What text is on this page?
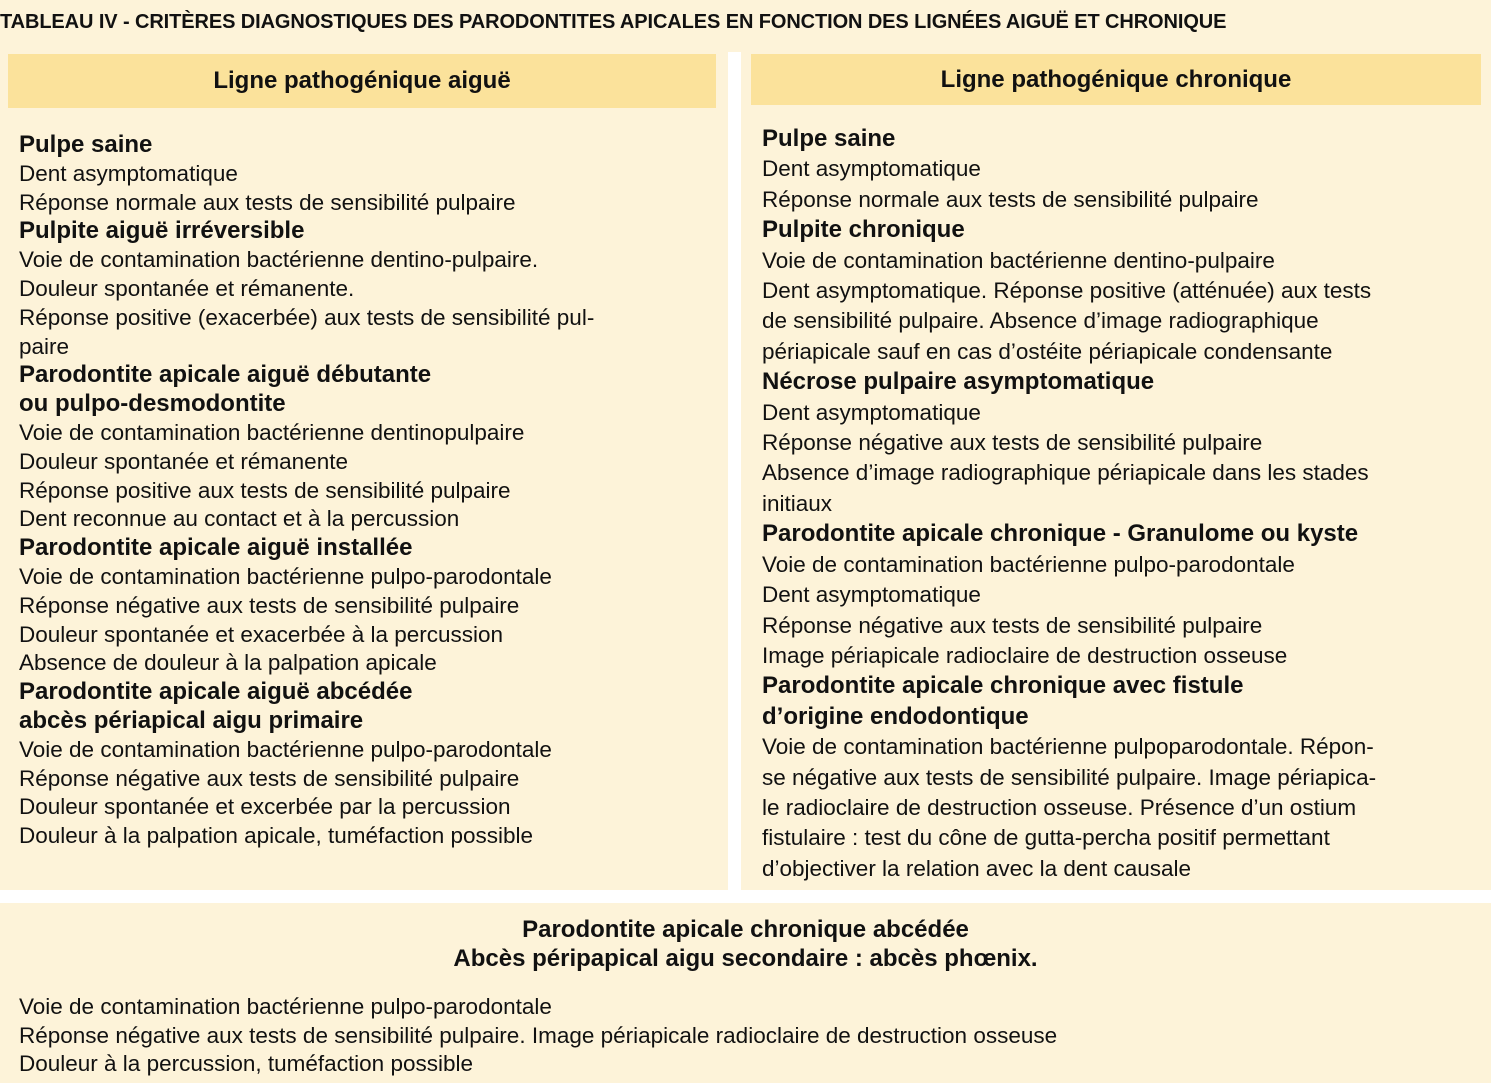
TABLEAU IV - CRITÈRES DIAGNOSTIQUES DES PARODONTITES APICALES EN FONCTION DES LIGNÉES AIGUË ET CHRONIQUE
Ligne pathogénique aiguë	Ligne pathogénique chronique
Pulpe saine
Dent asymptomatique
Réponse normale aux tests de sensibilité pulpaire
Pulpite aiguë irréversible
Voie de contamination bactérienne dentino-pulpaire.
Douleur spontanée et rémanente.
Réponse positive (exacerbée) aux tests de sensibilité pul-
paire
Parodontite apicale aiguë débutante
ou pulpo-desmodontite
Voie de contamination bactérienne dentinopulpaire
Douleur spontanée et rémanente
Réponse positive aux tests de sensibilité pulpaire
Dent reconnue au contact et à la percussion
Parodontite apicale aiguë installée
Voie de contamination bactérienne pulpo-parodontale
Réponse négative aux tests de sensibilité pulpaire
Douleur spontanée et exacerbée à la percussion
Absence de douleur à la palpation apicale
Parodontite apicale aiguë abcédée
abcès périapical aigu primaire
Voie de contamination bactérienne pulpo-parodontale
Réponse négative aux tests de sensibilité pulpaire
Douleur spontanée et excerbée par la percussion
Douleur à la palpation apicale, tuméfaction possible
Pulpe saine
Dent asymptomatique
Réponse normale aux tests de sensibilité pulpaire
Pulpite chronique
Voie de contamination bactérienne dentino-pulpaire
Dent asymptomatique. Réponse positive (atténuée) aux tests
de sensibilité pulpaire. Absence d’image radiographique
périapicale sauf en cas d’ostéite périapicale condensante
Nécrose pulpaire asymptomatique
Dent asymptomatique
Réponse négative aux tests de sensibilité pulpaire
Absence d’image radiographique périapicale dans les stades
initiaux
Parodontite apicale chronique - Granulome ou kyste
Voie de contamination bactérienne pulpo-parodontale
Dent asymptomatique
Réponse négative aux tests de sensibilité pulpaire
Image périapicale radioclaire de destruction osseuse
Parodontite apicale chronique avec fistule
d’origine endodontique
Voie de contamination bactérienne pulpoparodontale. Répon-
se négative aux tests de sensibilité pulpaire. Image périapica-
le radioclaire de destruction osseuse. Présence d’un ostium
fistulaire : test du cône de gutta-percha positif permettant
d’objectiver la relation avec la dent causale
Parodontite apicale chronique abcédée
Abcès péripapical aigu secondaire : abcès phœnix.
Voie de contamination bactérienne pulpo-parodontale
Réponse négative aux tests de sensibilité pulpaire. Image périapicale radioclaire de destruction osseuse
Douleur à la percussion, tuméfaction possible
